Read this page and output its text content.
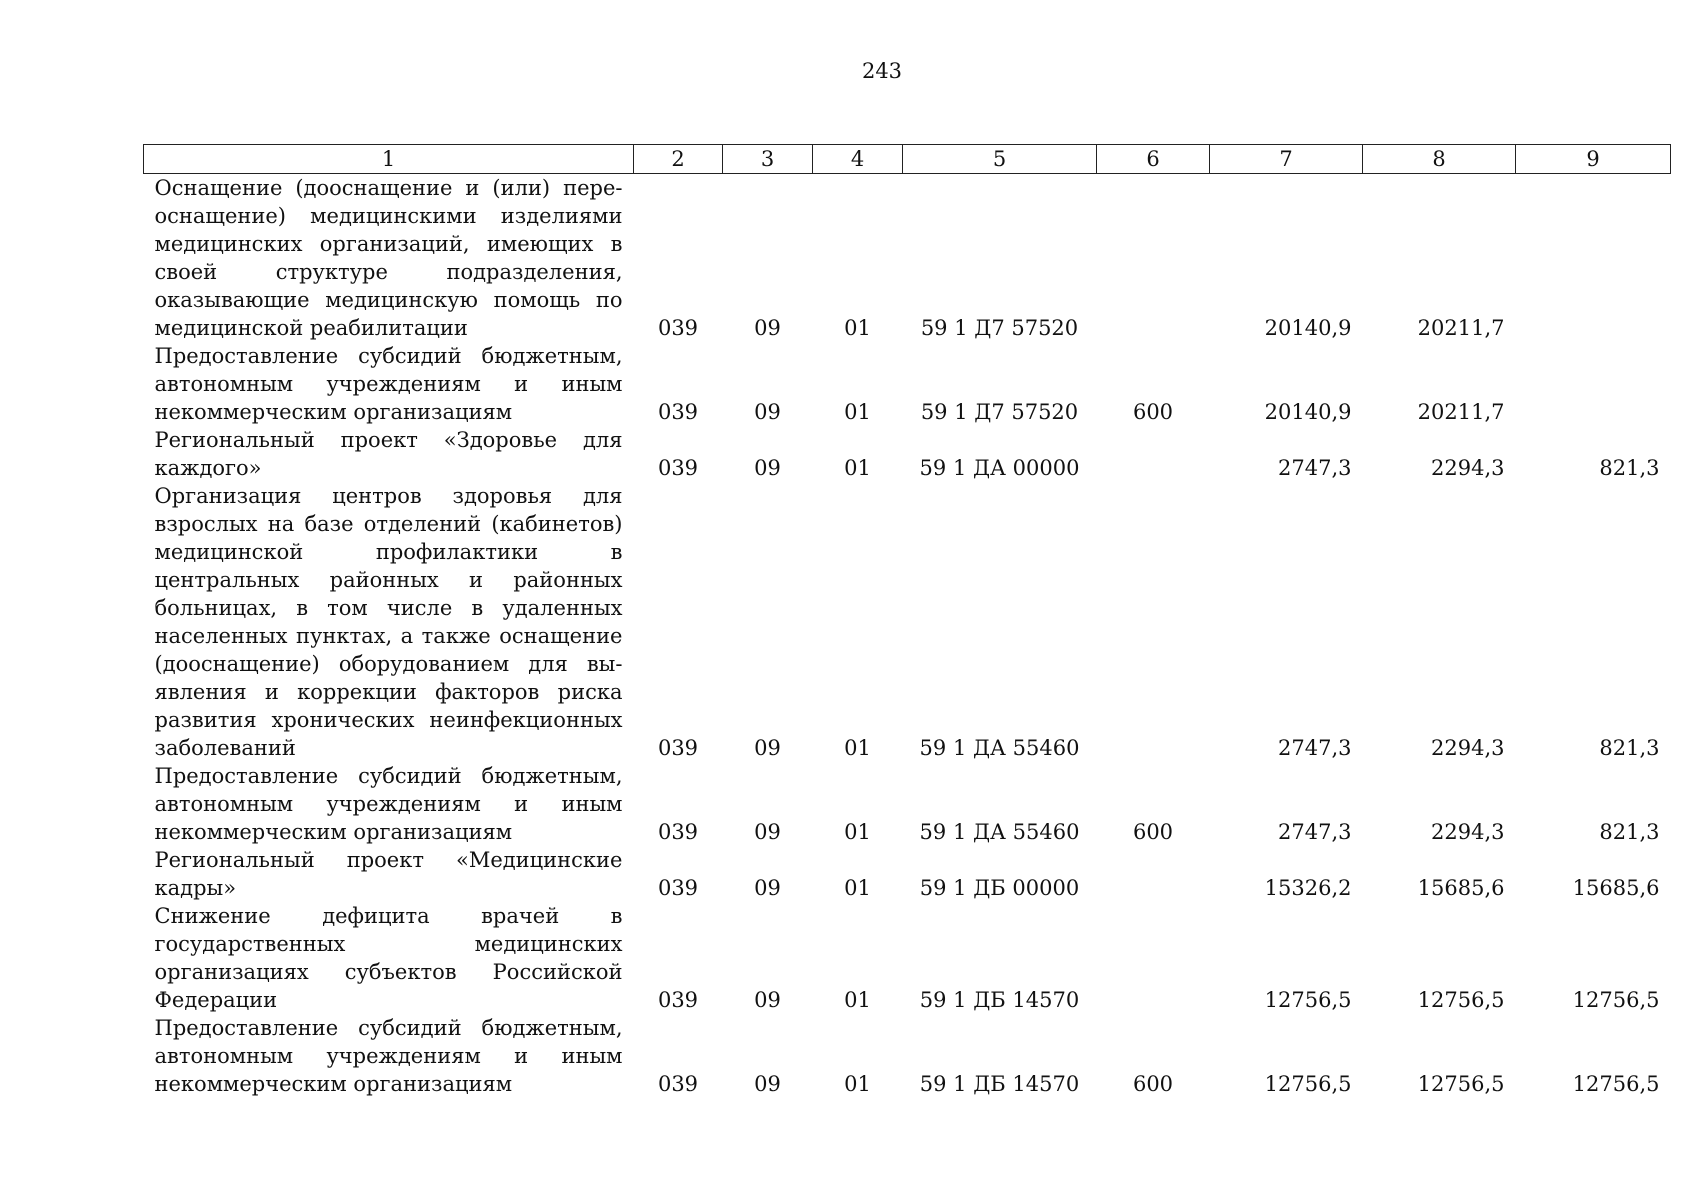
243
1	2	3	4	5	6	7	8	9
Оснащение (дооснащение и (или) переоснащение) медицинскими изделиями медицинских организаций, имеющих в своей структуре подразделения, оказывающие медицинскую помощь по медицинской реабилитации	039	09	01	59 1 Д7 57520		20140,9	20211,7	
Предоставление субсидий бюджетным, автономным учреждениям и иным некоммерческим организациям	039	09	01	59 1 Д7 57520	600	20140,9	20211,7	
Региональный проект «Здоровье для каждого»	039	09	01	59 1 ДА 00000		2747,3	2294,3	821,3
Организация центров здоровья для взрослых на базе отделений (кабинетов) медицинской профилактики в центральных районных и районных больницах, в том числе в удаленных населенных пунктах, а также оснащение (дооснащение) оборудованием для выявления и коррекции факторов риска развития хронических неинфекционных заболеваний	039	09	01	59 1 ДА 55460		2747,3	2294,3	821,3
Предоставление субсидий бюджетным, автономным учреждениям и иным некоммерческим организациям	039	09	01	59 1 ДА 55460	600	2747,3	2294,3	821,3
Региональный проект «Медицинские кадры»	039	09	01	59 1 ДБ 00000		15326,2	15685,6	15685,6
Снижение дефицита врачей в государственных медицинских организациях субъектов Российской Федерации	039	09	01	59 1 ДБ 14570		12756,5	12756,5	12756,5
Предоставление субсидий бюджетным, автономным учреждениям и иным некоммерческим организациям	039	09	01	59 1 ДБ 14570	600	12756,5	12756,5	12756,5
